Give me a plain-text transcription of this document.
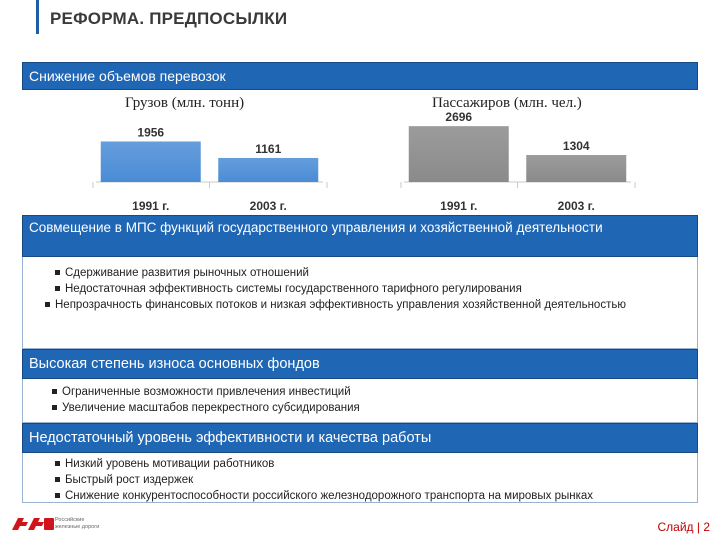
РЕФОРМА. ПРЕДПОСЫЛКИ
Снижение объемов перевозок
Грузов (млн. тонн)	Пассажиров (млн. чел.)
1956
1991 г.
1161
2003 г.
2696
1991 г.
1304
2003 г.
Совмещение в МПС функций государственного управления и хозяйственной деятельности
Сдерживание развития рыночных отношений
Недостаточная эффективность системы государственного тарифного регулирования
Непрозрачность финансовых потоков и низкая эффективность управления хозяйственной деятельностью
Высокая степень износа основных фондов
Ограниченные возможности привлечения инвестиций
Увеличение масштабов перекрестного субсидирования
Недостаточный уровень эффективности и качества работы
Низкий уровень мотивации работников
Быстрый рост издержек
Снижение конкурентоспособности российского железнодорожного транспорта на мировых рынках
Российские
железные дороги	Слайд | 2
